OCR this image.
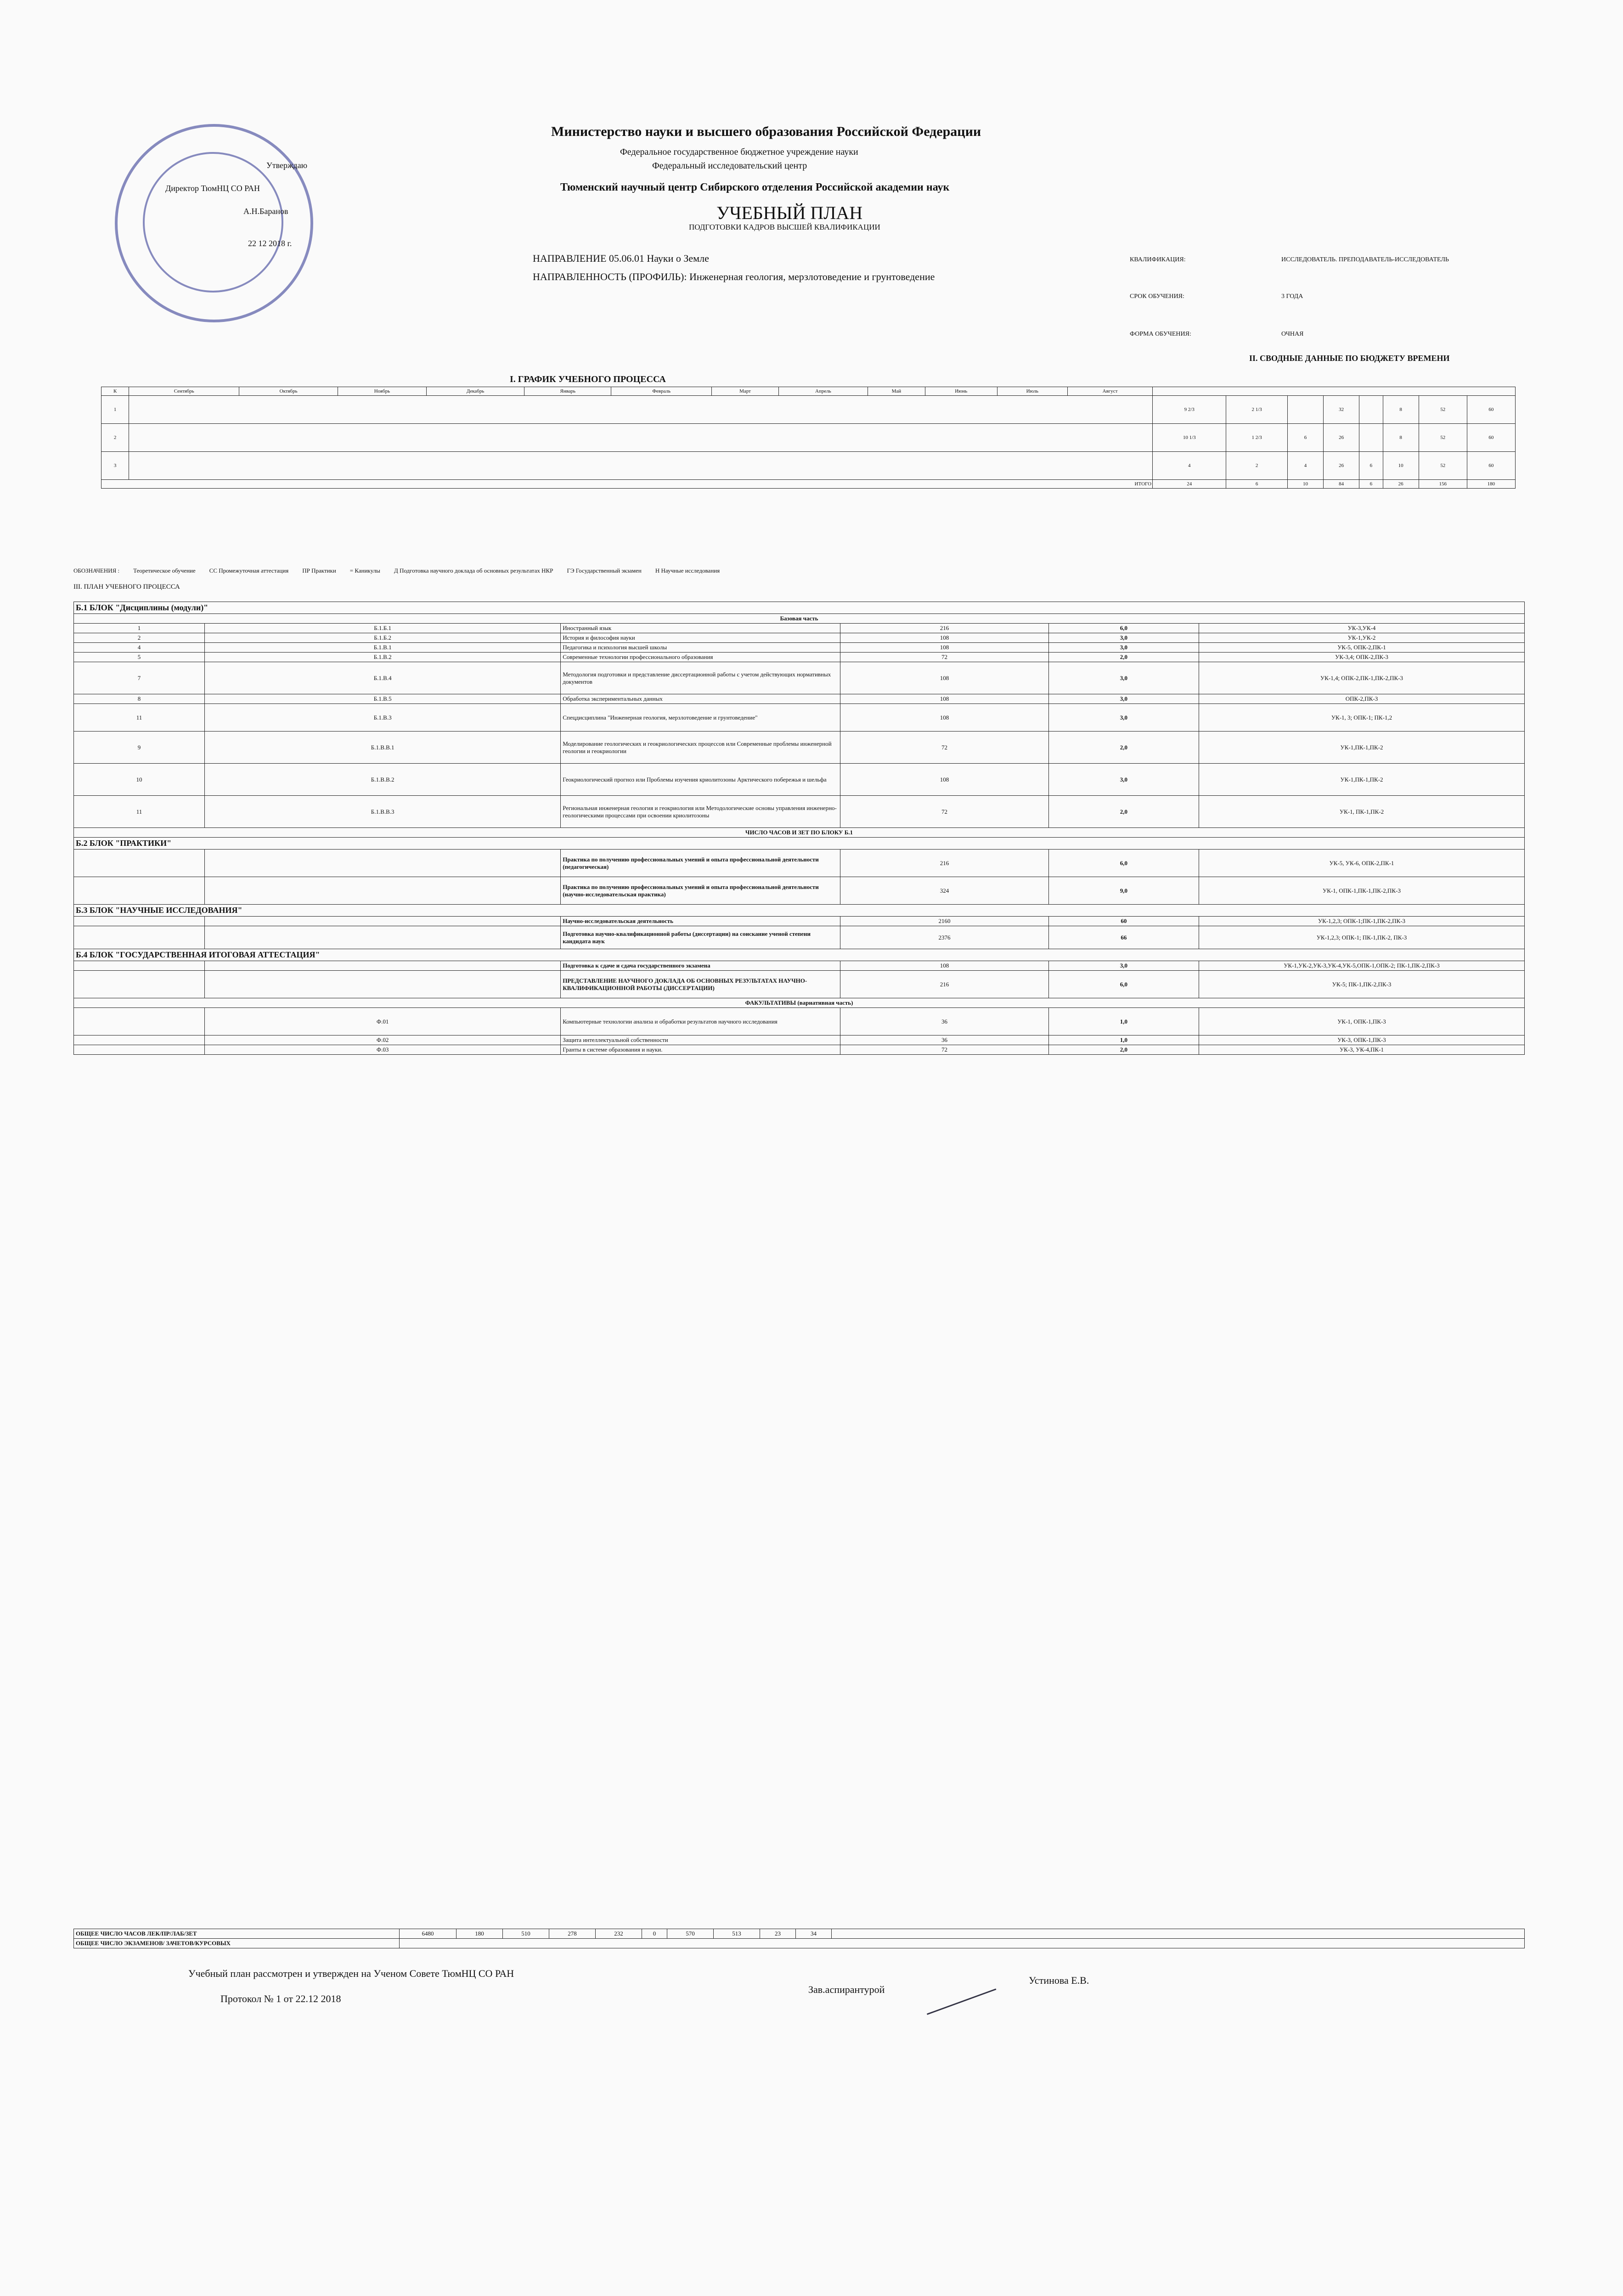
Утверждаю
Директор ТюмНЦ СО РАН
А.Н.Баранов
22 12 2018 г.
Министерство науки и высшего образования Российской Федерации
Федеральное государственное бюджетное учреждение науки
Федеральный исследовательский центр
Тюменский научный центр Сибирского отделения Российской академии наук
УЧЕБНЫЙ ПЛАН
ПОДГОТОВКИ КАДРОВ ВЫСШЕЙ КВАЛИФИКАЦИИ
НАПРАВЛЕНИЕ 05.06.01 Науки о Земле
НАПРАВЛЕННОСТЬ (ПРОФИЛЬ): Инженерная геология, мерзлотоведение и грунтоведение
КВАЛИФИКАЦИЯ:	ИССЛЕДОВАТЕЛЬ. ПРЕПОДАВАТЕЛЬ-ИССЛЕДОВАТЕЛЬ
СРОК ОБУЧЕНИЯ:	3 ГОДА
ФОРМА ОБУЧЕНИЯ:	ОЧНАЯ
II. СВОДНЫЕ ДАННЫЕ ПО БЮДЖЕТУ ВРЕМЕНИ
I. ГРАФИК УЧЕБНОГО ПРОЦЕССА
К	Сентябрь	Октябрь	Ноябрь	Декабрь	Январь	Февраль	Март	Апрель	Май	Июнь	Июль	Август								
1													9 2/3	2 1/3		32		8	52	60
2													10 1/3	1 2/3	6	26		8	52	60
3													4	2	4	26	6	10	52	60
ИТОГО													24	6	10	84	6	26	156	180
ОБОЗНАЧЕНИЯ : Теоретическое обучение СС Промежуточная аттестация ПР Практики = Каникулы Д Подготовка научного доклада об основных результатах НКР ГЭ Государственный экзамен Н Научные исследования
III. ПЛАН УЧЕБНОГО ПРОЦЕССА
Б.1 БЛОК "Дисциплины (модули)"					
Базовая часть					
1	Б.1.Б.1	Иностранный язык	216	6,0	УК-3,УК-4
2	Б.1.Б.2	История и философия науки	108	3,0	УК-1,УК-2
4	Б.1.В.1	Педагогика и психология высшей школы	108	3,0	УК-5, ОПК-2,ПК-1
5	Б.1.В.2	Современные технологии профессионального образования	72	2,0	УК-3,4; ОПК-2,ПК-3
7	Б.1.В.4	Методология подготовки и представление диссертационной работы с учетом действующих нормативных документов	108	3,0	УК-1,4; ОПК-2,ПК-1,ПК-2,ПК-3
8	Б.1.В.5	Обработка экспериментальных данных	108	3,0	ОПК-2,ПК-3
11	Б.1.В.3	Спецдисциплина "Инженерная геология, мерзлотоведение и грунтоведение"	108	3,0	УК-1, 3; ОПК-1; ПК-1,2
9	Б.1.В.В.1	Моделирование геологических и геокриологических процессов или Современные проблемы инженерной геологии и геокриологии	72	2,0	УК-1,ПК-1,ПК-2
10	Б.1.В.В.2	Геокриологический прогноз или Проблемы изучения криолитозоны Арктического побережья и шельфа	108	3,0	УК-1,ПК-1,ПК-2
11	Б.1.В.В.3	Региональная инженерная геология и геокриология или Методологические основы управления инженерно-геологическими процессами при освоении криолитозоны	72	2,0	УК-1, ПК-1,ПК-2
ЧИСЛО ЧАСОВ И ЗЕТ ПО БЛОКУ Б.1					
Б.2 БЛОК "ПРАКТИКИ"					
		Практика по получению профессиональных умений и опыта профессиональной деятельности (педагогическая)	216	6,0	УК-5, УК-6, ОПК-2,ПК-1
		Практика по получению профессиональных умений и опыта профессиональной деятельности (научно-исследовательская практика)	324	9,0	УК-1, ОПК-1,ПК-1,ПК-2,ПК-3
Б.3 БЛОК "НАУЧНЫЕ ИССЛЕДОВАНИЯ"					
		Научно-исследовательская деятельность	2160	60	УК-1,2,3; ОПК-1;ПК-1,ПК-2,ПК-3
		Подготовка научно-квалификационной работы (диссертации) на соискание ученой степени кандидата наук	2376	66	УК-1,2,3; ОПК-1; ПК-1,ПК-2, ПК-3
Б.4 БЛОК "ГОСУДАРСТВЕННАЯ ИТОГОВАЯ АТТЕСТАЦИЯ"					
		Подготовка к сдаче и сдача государственного экзамена	108	3,0	УК-1,УК-2,УК-3,УК-4,УК-5,ОПК-1,ОПК-2; ПК-1,ПК-2,ПК-3
		ПРЕДСТАВЛЕНИЕ НАУЧНОГО ДОКЛАДА ОБ ОСНОВНЫХ РЕЗУЛЬТАТАХ НАУЧНО-КВАЛИФИКАЦИОННОЙ РАБОТЫ (ДИССЕРТАЦИИ)	216	6,0	УК-5; ПК-1,ПК-2,ПК-3
ФАКУЛЬТАТИВЫ (вариативная часть)					
	Ф.01	Компьютерные технологии анализа и обработки результатов научного исследования	36	1,0	УК-1, ОПК-1,ПК-3
	Ф.02	Защита интеллектуальной собственности	36	1,0	УК-3, ОПК-1,ПК-3
	Ф.03	Гранты в системе образования и науки.	72	2,0	УК-3, УК-4,ПК-1
ОБЩЕЕ ЧИСЛО ЧАСОВ ЛЕК/ПР/ЛАБ/ЗЕТ	6480	180	510	278	232	0	570	513	23	34	
ОБЩЕЕ ЧИСЛО ЭКЗАМЕНОВ/ ЗАЧЕТОВ/КУРСОВЫХ											
Учебный план рассмотрен и утвержден на Ученом Совете ТюмНЦ СО РАН
Протокол № 1 от 22.12 2018
Зав.аспирантурой
Устинова Е.В.
